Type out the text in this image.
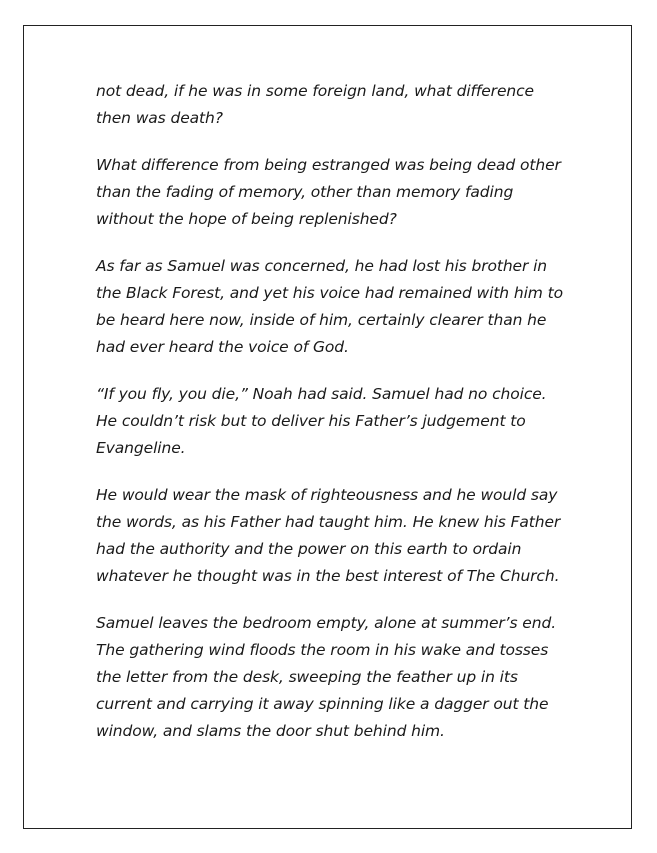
not dead, if he was in some foreign land, what difference then was death?

What difference from being estranged was being dead other than the fading of memory, other than memory fading without the hope of being replenished?

As far as Samuel was concerned, he had lost his brother in the Black Forest, and yet his voice had remained with him to be heard here now, inside of him, certainly clearer than he had ever heard the voice of God.

“If you fly, you die,” Noah had said. Samuel had no choice. He couldn’t risk but to deliver his Father’s judgement to Evangeline.

He would wear the mask of righteousness and he would say the words, as his Father had taught him. He knew his Father had the authority and the power on this earth to ordain whatever he thought was in the best interest of The Church.

Samuel leaves the bedroom empty, alone at summer’s end. The gathering wind floods the room in his wake and tosses the letter from the desk, sweeping the feather up in its current and carrying it away spinning like a dagger out the window, and slams the door shut behind him.
